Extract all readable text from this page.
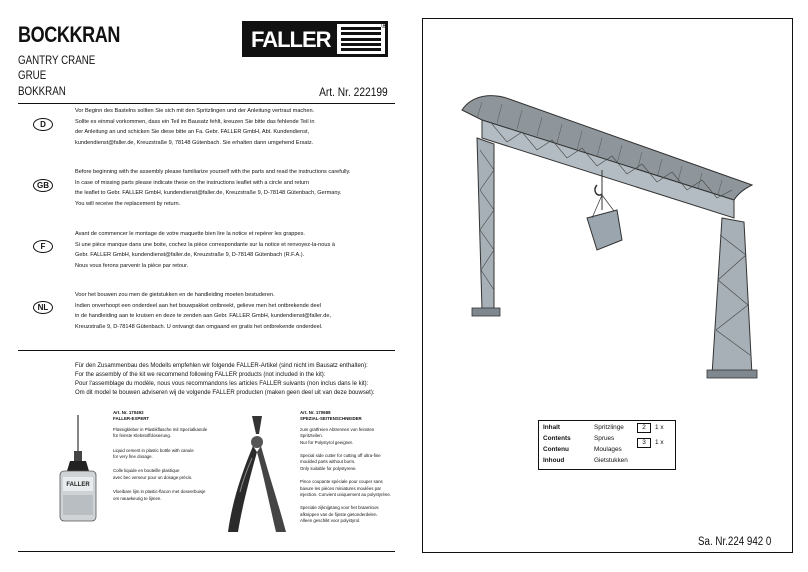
BOCKKRAN
GANTRY CRANE
GRUE
BOKKRAN
FALLER
®
Art. Nr. 222199
D
Vor Beginn des Bastelns sollten Sie sich mit den Spritzlingen und der Anleitung vertraut machen.
Sollte es einmal vorkommen, dass ein Teil im Bausatz fehlt, kreuzen Sie bitte das fehlende Teil in
der Anleitung an und schicken Sie diese bitte an Fa. Gebr. FALLER GmbH, Abt. Kundendienst,
kundendienst@faller.de, Kreuzstraße 9, 78148 Gütenbach. Sie erhalten dann umgehend Ersatz.
GB
Before beginning with the assembly please familiarize yourself with the parts and read the instructions carefully.
In case of missing parts please indicate these on the instructions leaflet with a circle and return
the leaflet to Gebr. FALLER GmbH, kundendienst@faller.de, Kreuzstraße 9, D-78148 Gütenbach, Germany.
You will receive the replacement by return.
F
Avant de commencer le montage de votre maquette bien lire la notice et repérer les grappes.
Si une pièce manque dans une boite, cochez la pièce correspondante sur la notice et renvoyez-la-nous à
Gebr. FALLER GmbH, kundendienst@faller.de, Kreuzstraße 9, D-78148 Gütenbach (R.F.A.).
Nous vous ferons parvenir la pièce par retour.
NL
Voor het bouwen zou men de gietstukken en de handleiding moeten bestuderen.
Indien onverhoopt een onderdeel aan het bouwpakket ontbreekt, gelieve men het ontbrekende deel
in de handleiding aan te kruisen en deze te zenden aan Gebr. FALLER GmbH, kundendienst@faller.de,
Kreuzstraße 9, D-78148 Gütenbach. U ontvangt dan omgaand en gratis het ontbrekende onderdeel.
Für den Zusammenbau des Modells empfehlen wir folgende FALLER-Artikel (sind nicht im Bausatz enthalten):
For the assembly of the kit we recommend following FALLER products (not included in the kit):
Pour l'assemblage du modèle, nous vous recommandons les articles FALLER suivants (non inclus dans le kit):
Om dit model te bouwen adviseren wij de volgende FALLER producten (maken geen deel uit van deze bouwset):
FALLER
Art. Nr. 170492
FALLER-EXPERT
Flüssigkleber in Plastikflasche mit Spezialkanüle
für feinste Klebstoffdosierung.
Liquid cement in plastic bottle with canule
for very fine dosage.
Colle liquide en bouteille plastique
avec bec verseur pour un dosage précis.
Vloeibare lijm in plastic-flacon met doseerbuisje
om nauwkeurig te lijmen.
Art. Nr. 170688
SPEZIAL-SEITENSCHNEIDER
zum gratfreien Abtrennen von feinsten
Spritzteilen.
Nur für Polystyrol geeignet.
Special side cutter for cutting off ultra-fine
moulded parts without burrs.
Only suitable for polystyrene.
Pince coupante spéciale pour couper sans
bavure les pièces miniatures moulées par
injection. Convient uniquement au polystyrène.
Speciale zijknijptang voor het braamloos
afknippen van de fijnste gietonderdelen.
Alleen geschikt voor polystyrol.
Inhalt
Contents
Contenu
Inhoud
Spritzlinge
Sprues
Moulages
Gietstukken
2	1 x
3	1 x
Sa. Nr.224 942 0
